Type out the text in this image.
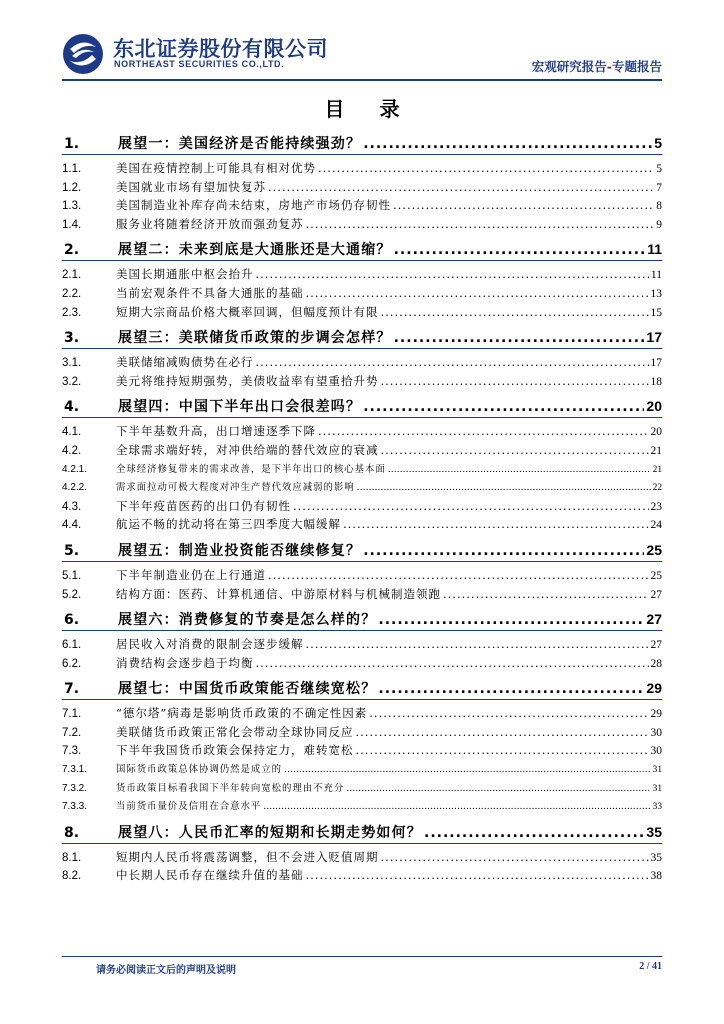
东北证券股份有限公司
NORTHEAST SECURITIES CO.,LTD.	宏观研究报告-专题报告
目 录
1.	展望一：美国经济是否能持续强劲？ .....	5
1.1.	美国在疫情控制上可能具有相对优势 .....	5
1.2.	美国就业市场有望加快复苏 .....	7
1.3.	美国制造业补库存尚未结束，房地产市场仍存韧性 .....	8
1.4.	服务业将随着经济开放而强劲复苏 .....	9
2.	展望二：未来到底是大通胀还是大通缩？ .....	11
2.1.	美国长期通胀中枢会抬升 .....	11
2.2.	当前宏观条件不具备大通胀的基础 .....	13
2.3.	短期大宗商品价格大概率回调，但幅度预计有限 .....	15
3.	展望三：美联储货币政策的步调会怎样？ .....	17
3.1.	美联储缩减购债势在必行 .....	17
3.2.	美元将维持短期强势，美债收益率有望重拾升势 .....	18
4.	展望四：中国下半年出口会很差吗？ .....	20
4.1.	下半年基数升高，出口增速逐季下降 .....	20
4.2.	全球需求端好转，对冲供给端的替代效应的衰减 .....	21
4.2.1.	全球经济修复带来的需求改善，是下半年出口的核心基本面 .....	21
4.2.2.	需求面拉动可极大程度对冲生产替代效应减弱的影响 .....	22
4.3.	下半年疫苗医药的出口仍有韧性 .....	23
4.4.	航运不畅的扰动将在第三四季度大幅缓解 .....	24
5.	展望五：制造业投资能否继续修复？ .....	25
5.1.	下半年制造业仍在上行通道 .....	25
5.2.	结构方面：医药、计算机通信、中游原材料与机械制造领跑 .....	27
6.	展望六：消费修复的节奏是怎么样的？ .....	27
6.1.	居民收入对消费的限制会逐步缓解 .....	27
6.2.	消费结构会逐步趋于均衡 .....	28
7.	展望七：中国货币政策能否继续宽松？ .....	29
7.1.	“德尔塔”病毒是影响货币政策的不确定性因素 .....	29
7.2.	美联储货币政策正常化会带动全球协同反应 .....	30
7.3.	下半年我国货币政策会保持定力，难转宽松 .....	30
7.3.1.	国际货币政策总体协调仍然是成立的 .....	31
7.3.2.	货币政策目标看我国下半年转向宽松的理由不充分 .....	31
7.3.3.	当前货币量价及信用在合意水平 .....	33
8.	展望八：人民币汇率的短期和长期走势如何？ .....	35
8.1.	短期内人民币将震荡调整，但不会进入贬值周期 .....	35
8.2.	中长期人民币存在继续升值的基础 .....	38
请务必阅读正文后的声明及说明	2 / 41
